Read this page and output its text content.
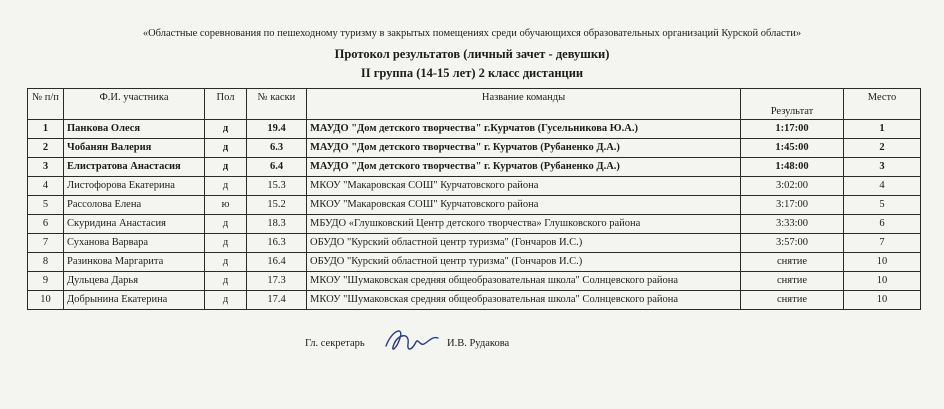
«Областные соревнования по пешеходному туризму в закрытых помещениях среди обучающихся образовательных организаций Курской области»
Протокол результатов (личный зачет - девушки)
II группа (14-15 лет) 2 класс дистанции
№ п/п	Ф.И. участника	Пол	№ каски	Название команды	Результат	Место
1	Панкова Олеся	д	19.4	МАУДО "Дом детского творчества" г.Курчатов (Гусельникова Ю.А.)	1:17:00	1
2	Чобанян Валерия	д	6.3	МАУДО "Дом детского творчества" г. Курчатов (Рубаненко Д.А.)	1:45:00	2
3	Елистратова Анастасия	д	6.4	МАУДО "Дом детского творчества" г. Курчатов (Рубаненко Д.А.)	1:48:00	3
4	Листофорова Екатерина	д	15.3	МКОУ "Макаровская СОШ" Курчатовского района	3:02:00	4
5	Рассолова Елена	ю	15.2	МКОУ "Макаровская СОШ" Курчатовского района	3:17:00	5
6	Скуридина Анастасия	д	18.3	МБУДО «Глушковский Центр детского творчества» Глушковского района	3:33:00	6
7	Суханова Варвара	д	16.3	ОБУДО "Курский областной центр туризма" (Гончаров И.С.)	3:57:00	7
8	Разинкова Маргарита	д	16.4	ОБУДО "Курский областной центр туризма" (Гончаров И.С.)	снятие	10
9	Дульцева Дарья	д	17.3	МКОУ "Шумаковская средняя общеобразовательная школа" Солнцевского района	снятие	10
10	Добрынина Екатерина	д	17.4	МКОУ "Шумаковская средняя общеобразовательная школа" Солнцевского района	снятие	10
Гл. секретарь	И.В. Рудакова
